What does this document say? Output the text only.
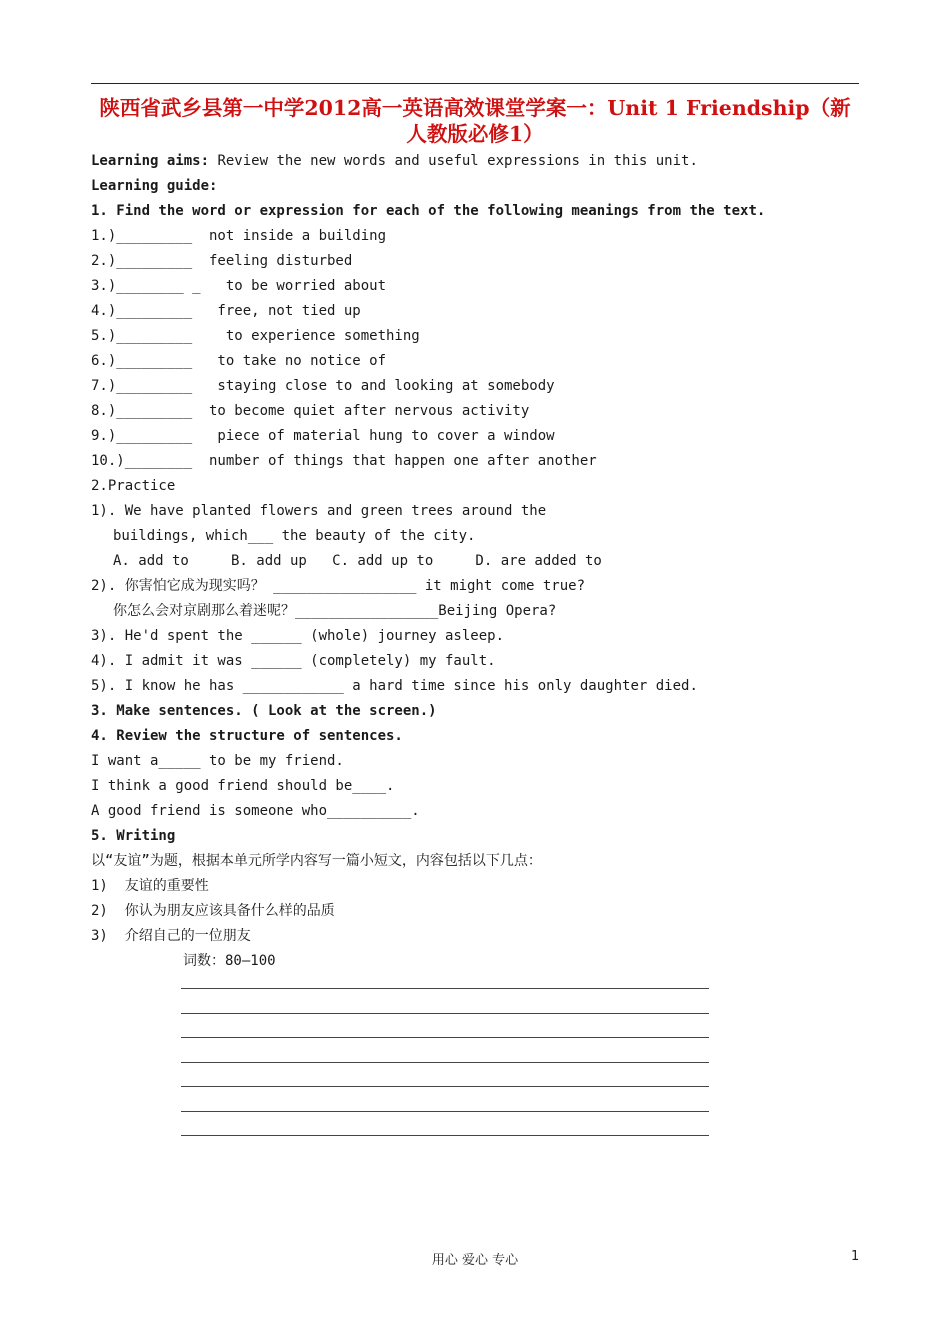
陕西省武乡县第一中学2012高一英语高效课堂学案一：Unit 1 Friendship（新人教版必修1）
Learning aims: Review the new words and useful expressions in this unit.
Learning guide:
1. Find the word or expression for each of the following meanings from the text.
1.)_________  not inside a building
2.)_________  feeling disturbed
3.)________ _   to be worried about
4.)_________   free, not tied up
5.)_________    to experience something
6.)_________   to take no notice of
7.)_________   staying close to and looking at somebody
8.)_________  to become quiet after nervous activity
9.)_________   piece of material hung to cover a window
10.)________  number of things that happen one after another
2.Practice
1). We have planted flowers and green trees around the
buildings, which___ the beauty of the city.
A. add to     B. add up   C. add up to     D. are added to
2). 你害怕它成为现实吗？ _________________ it might come true?
你怎么会对京剧那么着迷呢？_________________Beijing Opera?
3). He'd spent the ______ (whole) journey asleep.
4). I admit it was ______ (completely) my fault.
5). I know he has ____________ a hard time since his only daughter died.
3. Make sentences. ( Look at the screen.)
4. Review the structure of sentences.
I want a_____ to be my friend.
I think a good friend should be____.
A good friend is someone who__________.
5. Writing
以“友谊”为题，根据本单元所学内容写一篇小短文，内容包括以下几点：
1)  友谊的重要性
2)  你认为朋友应该具备什么样的品质
3)  介绍自己的一位朋友
词数：80—100
用心 爱心 专心	1
